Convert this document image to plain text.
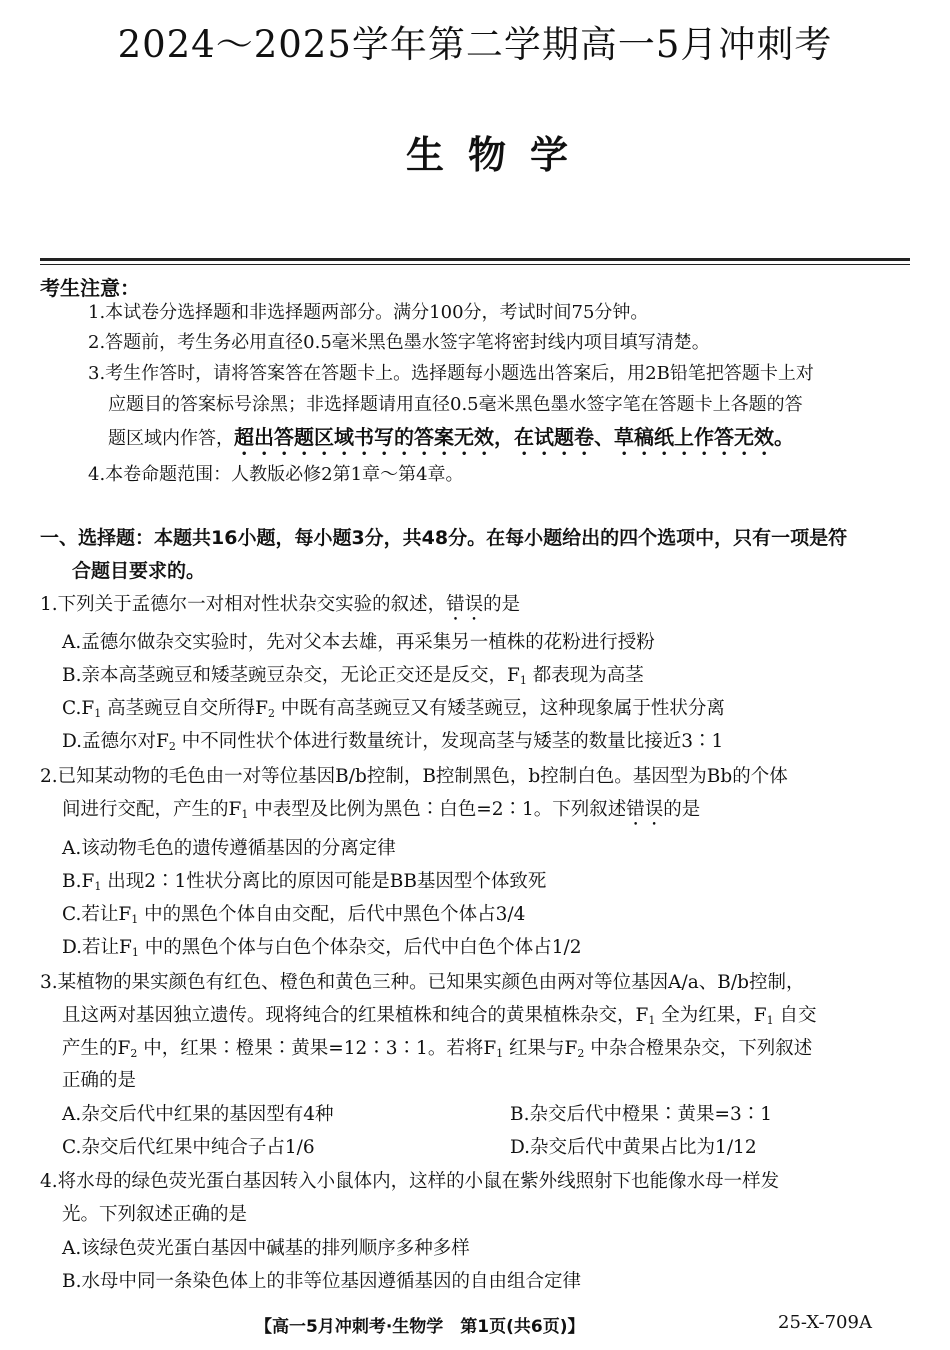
2024～2025学年第二学期高一5月冲刺考
生物学
考生注意：
1.本试卷分选择题和非选择题两部分。满分100分，考试时间75分钟。
2.答题前，考生务必用直径0.5毫米黑色墨水签字笔将密封线内项目填写清楚。
3.考生作答时，请将答案答在答题卡上。选择题每小题选出答案后，用2B铅笔把答题卡上对
应题目的答案标号涂黑；非选择题请用直径0.5毫米黑色墨水签字笔在答题卡上各题的答
题区域内作答，超出答题区域书写的答案无效，在试题卷、草稿纸上作答无效。
4.本卷命题范围：人教版必修2第1章～第4章。
一、选择题：本题共16小题，每小题3分，共48分。在每小题给出的四个选项中，只有一项是符
合题目要求的。
1.下列关于孟德尔一对相对性状杂交实验的叙述，错误的是
A.孟德尔做杂交实验时，先对父本去雄，再采集另一植株的花粉进行授粉
B.亲本高茎豌豆和矮茎豌豆杂交，无论正交还是反交，$F_1$ 都表现为高茎
$C.F_1$ 高茎豌豆自交所得$F_2$ 中既有高茎豌豆又有矮茎豌豆，这种现象属于性状分离
D.孟德尔对$F_2$ 中不同性状个体进行数量统计，发现高茎与矮茎的数量比接近3∶1
2.已知某动物的毛色由一对等位基因B/b控制，B控制黑色，b控制白色。基因型为Bb的个体
间进行交配，产生的$F_1$ 中表型及比例为黑色∶白色=2∶1。下列叙述错误的是
A.该动物毛色的遗传遵循基因的分离定律
$B.F_1$ 出现2∶1性状分离比的原因可能是BB基因型个体致死
C.若让$F_1$ 中的黑色个体自由交配，后代中黑色个体占3/4
D.若让$F_1$ 中的黑色个体与白色个体杂交，后代中白色个体占1/2
3.某植物的果实颜色有红色、橙色和黄色三种。已知果实颜色由两对等位基因A/a、B/b控制，
且这两对基因独立遗传。现将纯合的红果植株和纯合的黄果植株杂交，$F_1$ 全为红果，$F_1$ 自交
产生的$F_2$ 中，红果∶橙果∶黄果=12∶3∶1。若将$F_1$ 红果与$F_2$ 中杂合橙果杂交，下列叙述
正确的是
A.杂交后代中红果的基因型有4种	B.杂交后代中橙果∶黄果=3∶1
C.杂交后代红果中纯合子占1/6	D.杂交后代中黄果占比为1/12
4.将水母的绿色荧光蛋白基因转入小鼠体内，这样的小鼠在紫外线照射下也能像水母一样发
光。下列叙述正确的是
A.该绿色荧光蛋白基因中碱基的排列顺序多种多样
B.水母中同一条染色体上的非等位基因遵循基因的自由组合定律
【高一5月冲刺考·生物学　第1页(共6页)】	25-X-709A
